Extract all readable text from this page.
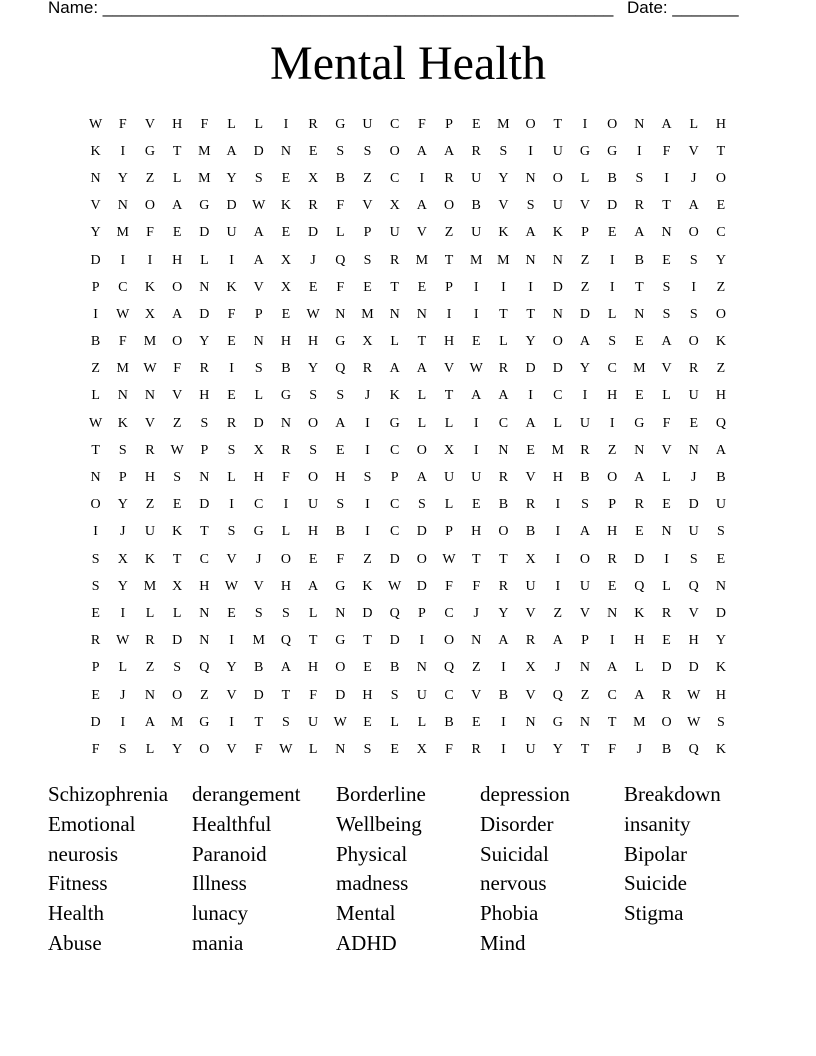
Name: ______________________________________________________ Date: _______
Mental Health
W	F	V	H	F	L	L	I	R	G	U	C	F	P	E	M	O	T	I	O	N	A	L	H
K	I	G	T	M	A	D	N	E	S	S	O	A	A	R	S	I	U	G	G	I	F	V	T
N	Y	Z	L	M	Y	S	E	X	B	Z	C	I	R	U	Y	N	O	L	B	S	I	J	O
V	N	O	A	G	D	W	K	R	F	V	X	A	O	B	V	S	U	V	D	R	T	A	E
Y	M	F	E	D	U	A	E	D	L	P	U	V	Z	U	K	A	K	P	E	A	N	O	C
D	I	I	H	L	I	A	X	J	Q	S	R	M	T	M	M	N	N	Z	I	B	E	S	Y
P	C	K	O	N	K	V	X	E	F	E	T	E	P	I	I	I	D	Z	I	T	S	I	Z
I	W	X	A	D	F	P	E	W	N	M	N	N	I	I	T	T	N	D	L	N	S	S	O
B	F	M	O	Y	E	N	H	H	G	X	L	T	H	E	L	Y	O	A	S	E	A	O	K
Z	M	W	F	R	I	S	B	Y	Q	R	A	A	V	W	R	D	D	Y	C	M	V	R	Z
L	N	N	V	H	E	L	G	S	S	J	K	L	T	A	A	I	C	I	H	E	L	U	H
W	K	V	Z	S	R	D	N	O	A	I	G	L	L	I	C	A	L	U	I	G	F	E	Q
T	S	R	W	P	S	X	R	S	E	I	C	O	X	I	N	E	M	R	Z	N	V	N	A
N	P	H	S	N	L	H	F	O	H	S	P	A	U	U	R	V	H	B	O	A	L	J	B
O	Y	Z	E	D	I	C	I	U	S	I	C	S	L	E	B	R	I	S	P	R	E	D	U
I	J	U	K	T	S	G	L	H	B	I	C	D	P	H	O	B	I	A	H	E	N	U	S
S	X	K	T	C	V	J	O	E	F	Z	D	O	W	T	T	X	I	O	R	D	I	S	E
S	Y	M	X	H	W	V	H	A	G	K	W	D	F	F	R	U	I	U	E	Q	L	Q	N
E	I	L	L	N	E	S	S	L	N	D	Q	P	C	J	Y	V	Z	V	N	K	R	V	D
R	W	R	D	N	I	M	Q	T	G	T	D	I	O	N	A	R	A	P	I	H	E	H	Y
P	L	Z	S	Q	Y	B	A	H	O	E	B	N	Q	Z	I	X	J	N	A	L	D	D	K
E	J	N	O	Z	V	D	T	F	D	H	S	U	C	V	B	V	Q	Z	C	A	R	W	H
D	I	A	M	G	I	T	S	U	W	E	L	L	B	E	I	N	G	N	T	M	O	W	S
F	S	L	Y	O	V	F	W	L	N	S	E	X	F	R	I	U	Y	T	F	J	B	Q	K
Schizophrenia	derangement	Borderline	depression	Breakdown
Emotional	Healthful	Wellbeing	Disorder	insanity
neurosis	Paranoid	Physical	Suicidal	Bipolar
Fitness	Illness	madness	nervous	Suicide
Health	lunacy	Mental	Phobia	Stigma
Abuse	mania	ADHD	Mind
